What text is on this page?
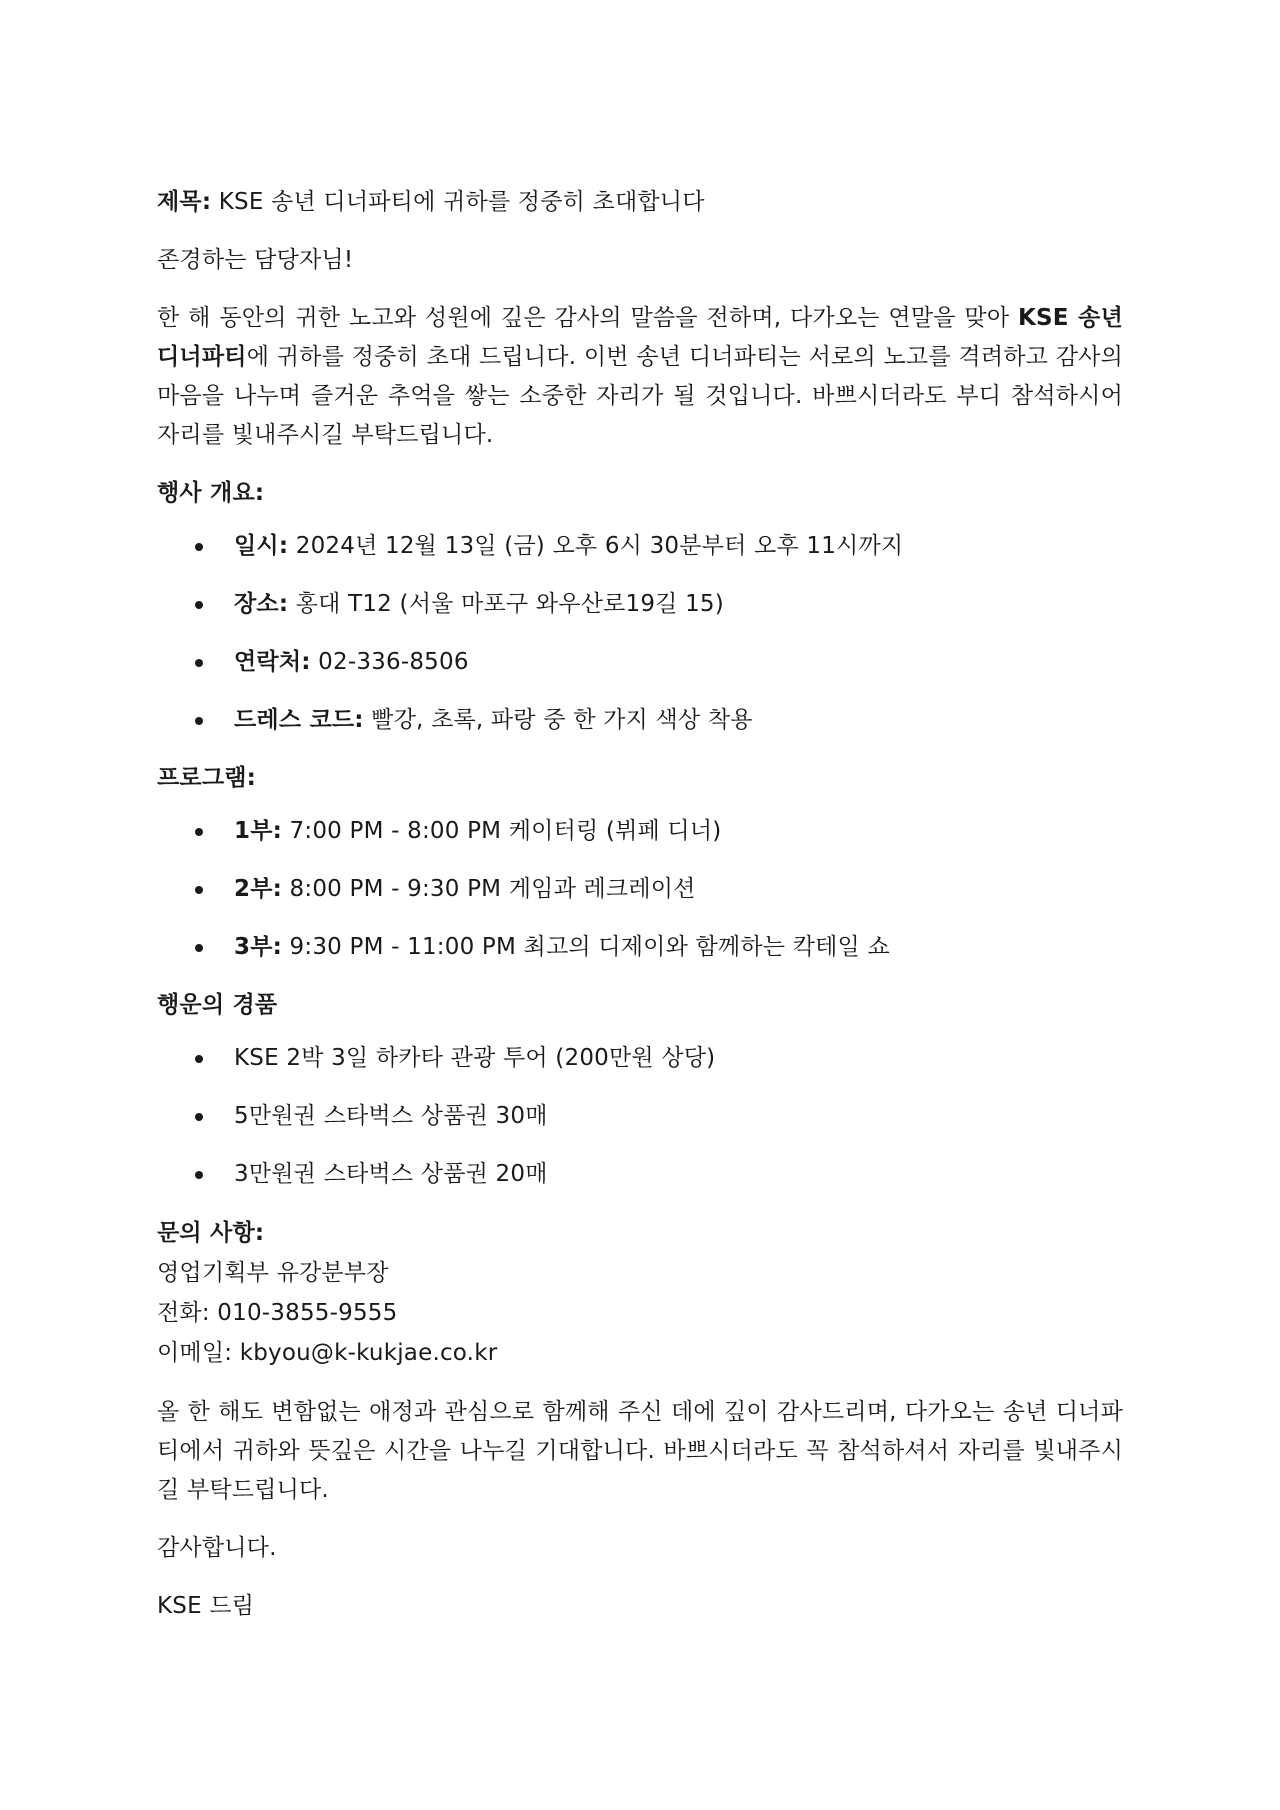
제목: KSE 송년 디너파티에 귀하를 정중히 초대합니다

존경하는 담당자님!

한 해 동안의 귀한 노고와 성원에 깊은 감사의 말씀을 전하며, 다가오는 연말을 맞아 KSE 송년 디너파티에 귀하를 정중히 초대 드립니다. 이번 송년 디너파티는 서로의 노고를 격려하고 감사의 마음을 나누며 즐거운 추억을 쌓는 소중한 자리가 될 것입니다. 바쁘시더라도 부디 참석하시어 자리를 빛내주시길 부탁드립니다.

행사 개요:

일시: 2024년 12월 13일 (금) 오후 6시 30분부터 오후 11시까지
장소: 홍대 T12 (서울 마포구 와우산로19길 15)
연락처: 02-336-8506
드레스 코드: 빨강, 초록, 파랑 중 한 가지 색상 착용

프로그램:

1부: 7:00 PM - 8:00 PM 케이터링 (뷔페 디너)
2부: 8:00 PM - 9:30 PM 게임과 레크레이션
3부: 9:30 PM - 11:00 PM 최고의 디제이와 함께하는 칵테일 쇼

행운의 경품

KSE 2박 3일 하카타 관광 투어 (200만원 상당)
5만원권 스타벅스 상품권 30매
3만원권 스타벅스 상품권 20매

문의 사항:

영업기획부 유강분부장

전화: 010-3855-9555

이메일: kbyou@k-kukjae.co.kr

올 한 해도 변함없는 애정과 관심으로 함께해 주신 데에 깊이 감사드리며, 다가오는 송년 디너파티에서 귀하와 뜻깊은 시간을 나누길 기대합니다. 바쁘시더라도 꼭 참석하셔서 자리를 빛내주시길 부탁드립니다.

감사합니다.

KSE 드림
